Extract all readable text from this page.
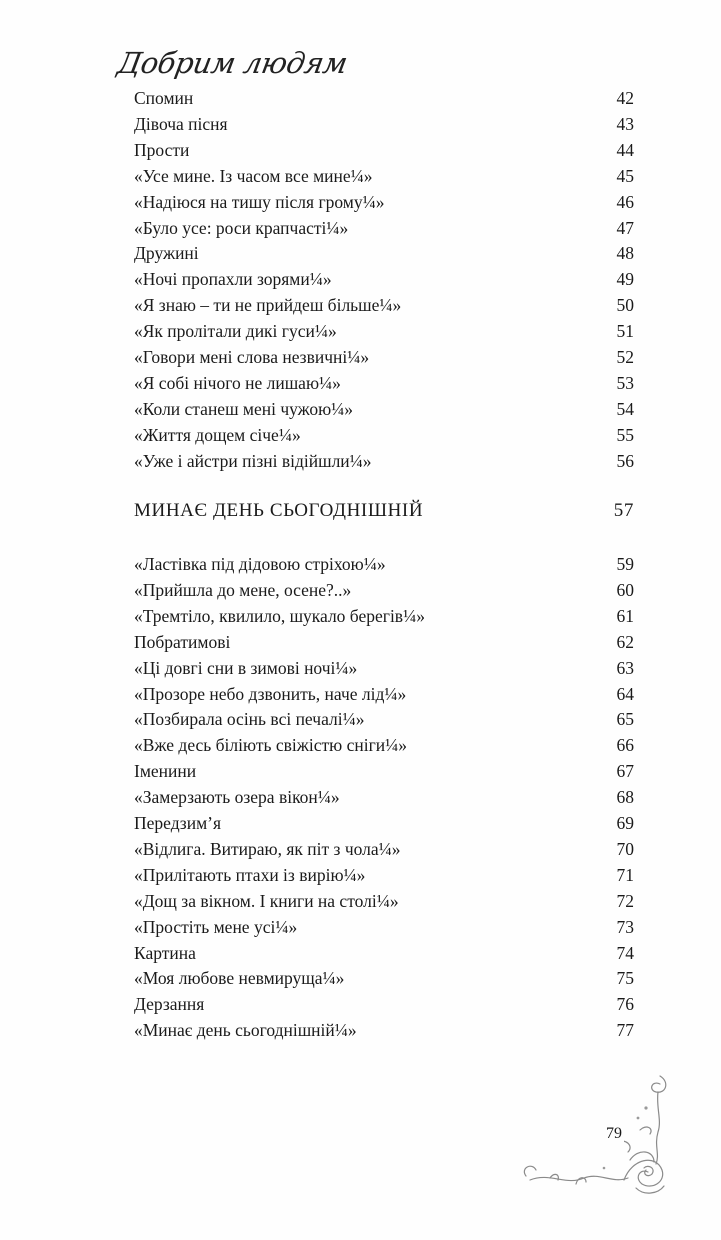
Добрим людям
Спомин	42
Дівоча пісня	43
Прости	44
«Усе мине. Із часом все мине¼»	45
«Надіюся на тишу після грому¼»	46
«Було усе: роси крапчасті¼»	47
Дружині	48
«Ночі пропахли зорями¼»	49
«Я знаю – ти не прийдеш більше¼»	50
«Як пролітали дикі гуси¼»	51
«Говори мені слова незвичні¼»	52
«Я собі нічого не лишаю¼»	53
«Коли станеш мені чужою¼»	54
«Життя дощем січе¼»	55
«Уже і айстри пізні відійшли¼»	56
МИНАЄ ДЕНЬ СЬОГОДНІШНІЙ	57
«Ластівка під дідовою стріхою¼»	59
«Прийшла до мене, осене?..»	60
«Тремтіло, квилило, шукало берегів¼»	61
Побратимові	62
«Ці довгі сни в зимові ночі¼»	63
«Прозоре небо дзвонить, наче лід¼»	64
«Позбирала осінь всі печалі¼»	65
«Вже десь біліють свіжістю сніги¼»	66
Іменини	67
«Замерзають озера вікон¼»	68
Передзим’я	69
«Відлига. Витираю, як піт з чола¼»	70
«Прилітають птахи із вирію¼»	71
«Дощ за вікном. І книги на столі¼»	72
«Простіть мене усі¼»	73
Картина	74
«Моя любове невмируща¼»	75
Дерзання	76
«Минає день сьогоднішній¼»	77
79
